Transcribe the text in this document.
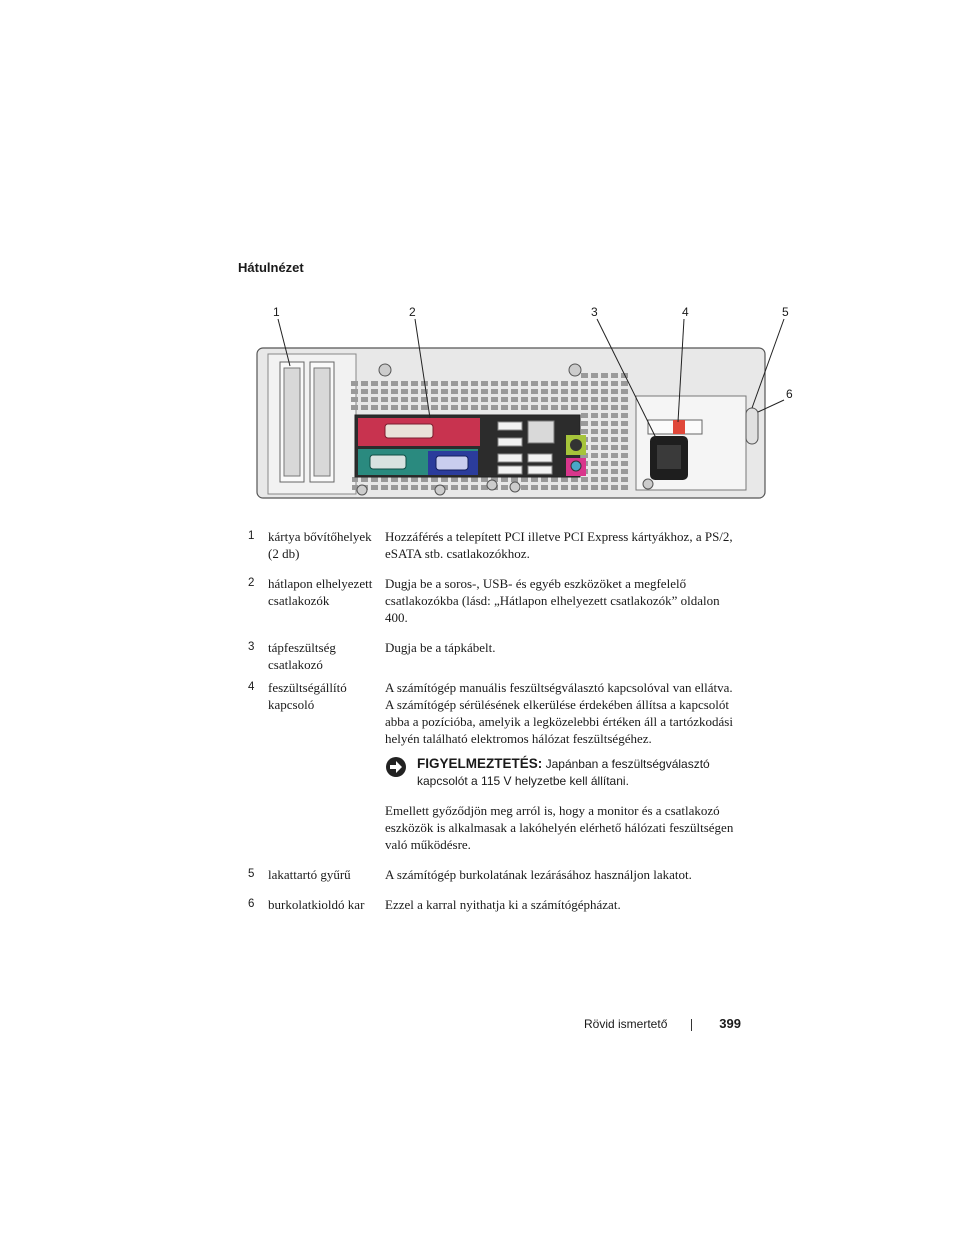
Hátulnézet
1	2	3	4	5
6
1	kártya bővítőhelyek (2 db)

Hozzáférés a telepített PCI illetve PCI Express kártyákhoz, a PS/2, eSATA stb. csatlakozókhoz.

2	hátlapon elhelyezett csatlakozók

Dugja be a soros-, USB- és egyéb eszközöket a megfelelő csatlakozókba (lásd: „Hátlapon elhelyezett csatlakozók” oldalon 400.

3	tápfeszültség csatlakozó

Dugja be a tápkábelt.

4	feszültségállító kapcsoló

A számítógép manuális feszültségválasztó kapcsolóval van ellátva. A számítógép sérülésének elkerülése érdekében állítsa a kapcsolót abba a pozícióba, amelyik a legközelebbi értéken áll a tartózkodási helyén található elektromos hálózat feszültségéhez.

FIGYELMEZTETÉS: Japánban a feszültségválasztó kapcsolót a 115 V helyzetbe kell állítani.

Emellett győződjön meg arról is, hogy a monitor és a csatlakozó eszközök is alkalmasak a lakóhelyén elérhető hálózati feszültségen való működésre.

5	lakattartó gyűrű	A számítógép burkolatának lezárásához használjon lakatot.

6	burkolatkioldó kar	Ezzel a karral nyithatja ki a számítógépházat.

Rövid ismertető	399
